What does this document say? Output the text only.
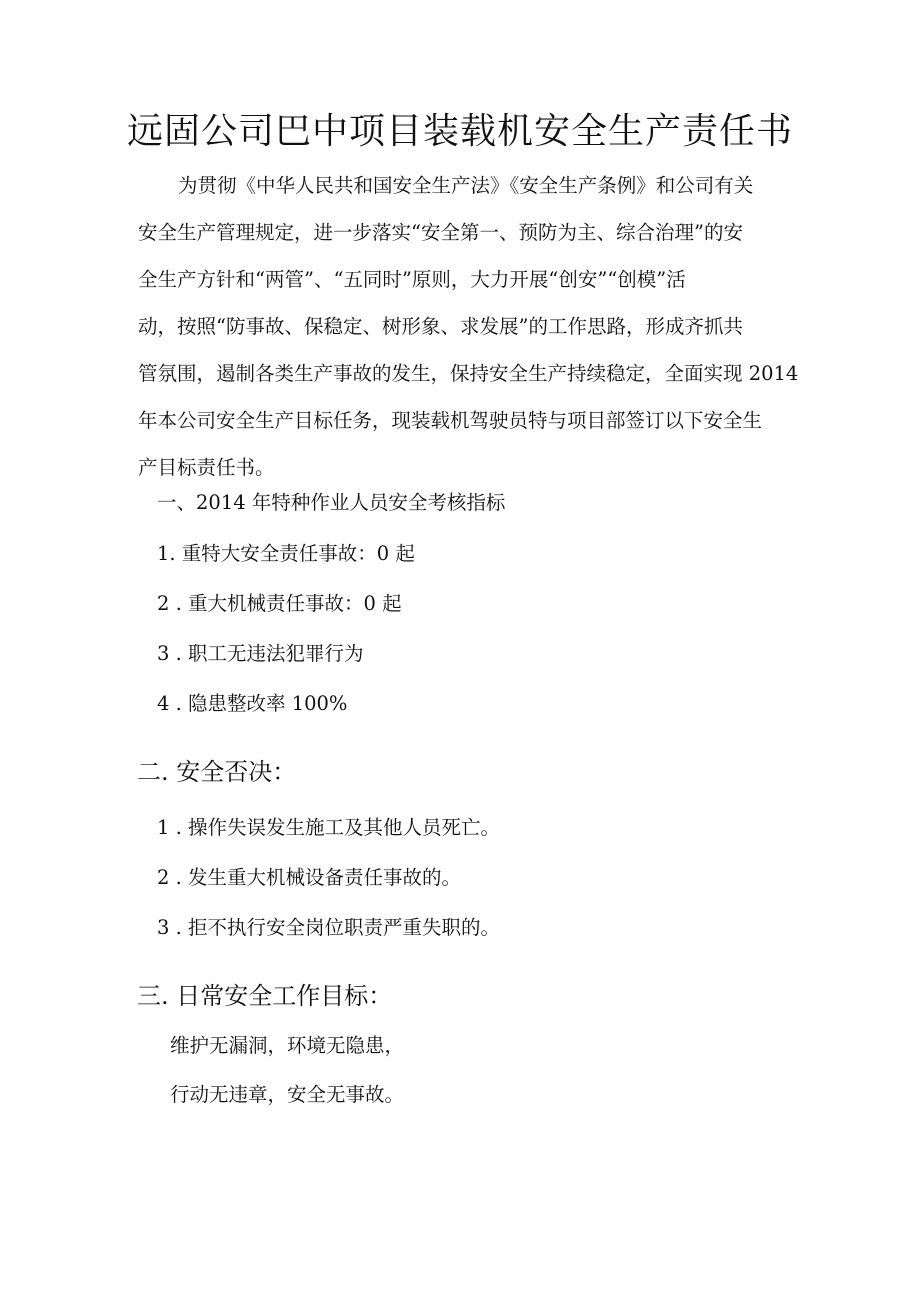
远固公司巴中项目装载机安全生产责任书

为贯彻《中华人民共和国安全生产法》《安全生产条例》和公司有关

安全生产管理规定，进一步落实“安全第一、预防为主、综合治理”的安

全生产方针和“两管”、“五同时”原则，大力开展“创安”“创模”活

动，按照“防事故、保稳定、树形象、求发展”的工作思路，形成齐抓共

管氛围，遏制各类生产事故的发生，保持安全生产持续稳定，全面实现 2014

年本公司安全生产目标任务，现装载机驾驶员特与项目部签订以下安全生

产目标责任书。

一、2014 年特种作业人员安全考核指标

1. 重特大安全责任事故：0 起

2 . 重大机械责任事故：0 起

3 . 职工无违法犯罪行为

4 . 隐患整改率 100%

二. 安全否决：

1 . 操作失误发生施工及其他人员死亡。

2 . 发生重大机械设备责任事故的。

3 . 拒不执行安全岗位职责严重失职的。

三. 日常安全工作目标：

维护无漏洞，环境无隐患，

行动无违章，安全无事故。
